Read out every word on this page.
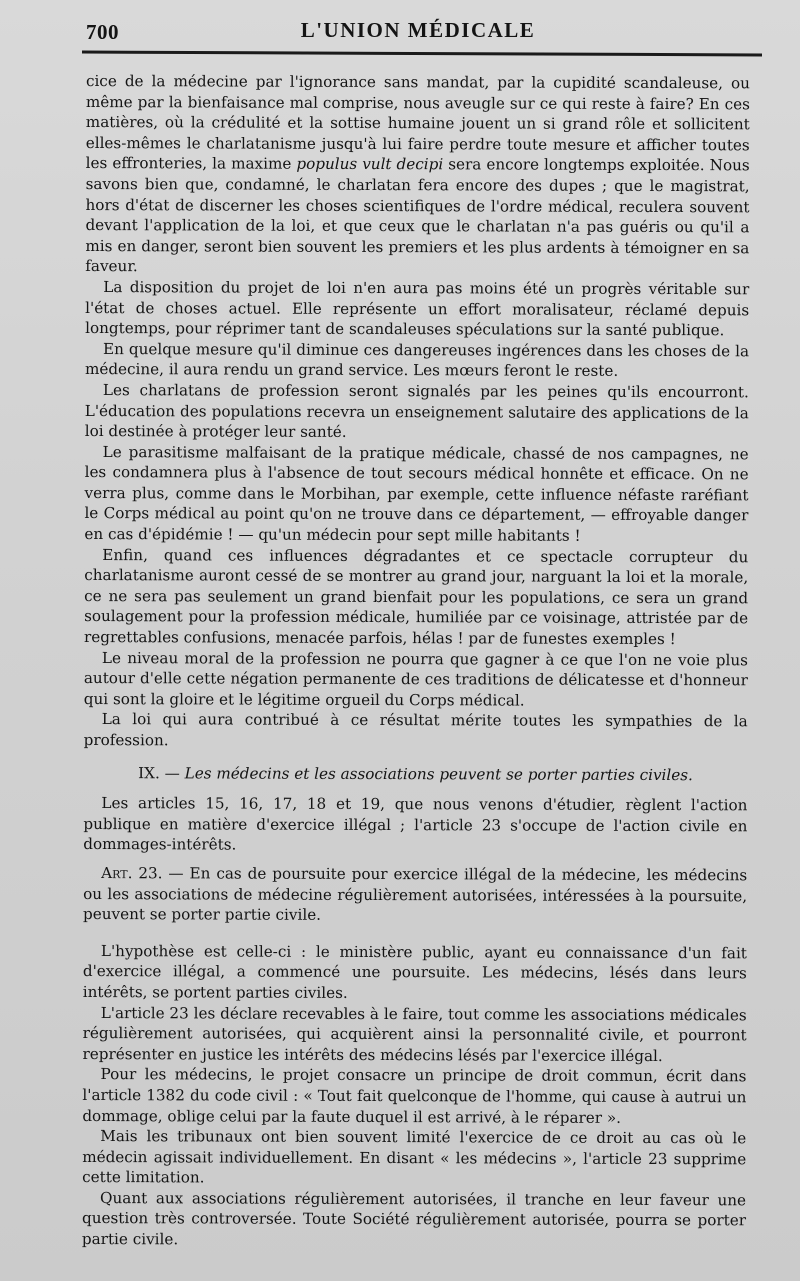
700	L'UNION MÉDICALE

cice de la médecine par l'ignorance sans mandat, par la cupidité scandaleuse, ou même par la bienfaisance mal comprise, nous aveugle sur ce qui reste à faire? En ces matières, où la crédulité et la sottise humaine jouent un si grand rôle et sollicitent elles-mêmes le charlatanisme jusqu'à lui faire perdre toute mesure et afficher toutes les effronteries, la maxime populus vult decipi sera encore longtemps exploitée. Nous savons bien que, condamné, le charlatan fera encore des dupes ; que le magistrat, hors d'état de discerner les choses scientifiques de l'ordre médical, reculera souvent devant l'application de la loi, et que ceux que le charlatan n'a pas guéris ou qu'il a mis en danger, seront bien souvent les premiers et les plus ardents à témoigner en sa faveur.

La disposition du projet de loi n'en aura pas moins été un progrès véritable sur l'état de choses actuel. Elle représente un effort moralisateur, réclamé depuis longtemps, pour réprimer tant de scandaleuses spéculations sur la santé publique.

En quelque mesure qu'il diminue ces dangereuses ingérences dans les choses de la médecine, il aura rendu un grand service. Les mœurs feront le reste.

Les charlatans de profession seront signalés par les peines qu'ils encourront. L'éducation des populations recevra un enseignement salutaire des applications de la loi destinée à protéger leur santé.

Le parasitisme malfaisant de la pratique médicale, chassé de nos campagnes, ne les condamnera plus à l'absence de tout secours médical honnête et efficace. On ne verra plus, comme dans le Morbihan, par exemple, cette influence néfaste raréfiant le Corps médical au point qu'on ne trouve dans ce département, — effroyable danger en cas d'épidémie ! — qu'un médecin pour sept mille habitants !

Enfin, quand ces influences dégradantes et ce spectacle corrupteur du charlatanisme auront cessé de se montrer au grand jour, narguant la loi et la morale, ce ne sera pas seulement un grand bienfait pour les populations, ce sera un grand soulagement pour la profession médicale, humiliée par ce voisinage, attristée par de regrettables confusions, menacée parfois, hélas ! par de funestes exemples !

Le niveau moral de la profession ne pourra que gagner à ce que l'on ne voie plus autour d'elle cette négation permanente de ces traditions de délicatesse et d'honneur qui sont la gloire et le légitime orgueil du Corps médical.

La loi qui aura contribué à ce résultat mérite toutes les sympathies de la profession.

IX. — Les médecins et les associations peuvent se porter parties civiles.

Les articles 15, 16, 17, 18 et 19, que nous venons d'étudier, règlent l'action publique en matière d'exercice illégal ; l'article 23 s'occupe de l'action civile en dommages-intérêts.

Art. 23. — En cas de poursuite pour exercice illégal de la médecine, les médecins ou les associations de médecine régulièrement autorisées, intéressées à la poursuite, peuvent se porter partie civile.

L'hypothèse est celle-ci : le ministère public, ayant eu connaissance d'un fait d'exercice illégal, a commencé une poursuite. Les médecins, lésés dans leurs intérêts, se portent parties civiles.

L'article 23 les déclare recevables à le faire, tout comme les associations médicales régulièrement autorisées, qui acquièrent ainsi la personnalité civile, et pourront représenter en justice les intérêts des médecins lésés par l'exercice illégal.

Pour les médecins, le projet consacre un principe de droit commun, écrit dans l'article 1382 du code civil : « Tout fait quelconque de l'homme, qui cause à autrui un dommage, oblige celui par la faute duquel il est arrivé, à le réparer ».

Mais les tribunaux ont bien souvent limité l'exercice de ce droit au cas où le médecin agissait individuellement. En disant « les médecins », l'article 23 supprime cette limitation.

Quant aux associations régulièrement autorisées, il tranche en leur faveur une question très controversée. Toute Société régulièrement autorisée, pourra se porter partie civile.
